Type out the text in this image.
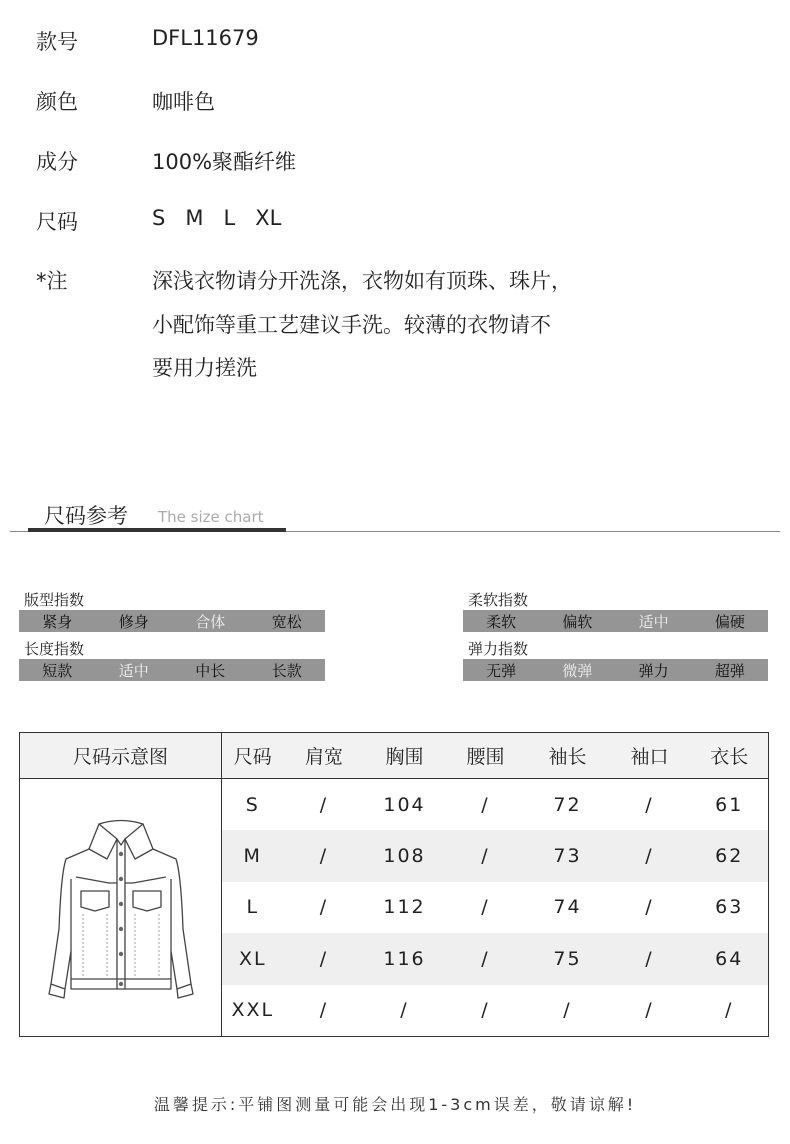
款号	DFL11679
颜色	咖啡色
成分	100%聚酯纤维
尺码	S   M   L   XL
*注	深浅衣物请分开洗涤，衣物如有顶珠、珠片，
小配饰等重工艺建议手洗。较薄的衣物请不
要用力搓洗
尺码参考 The size chart
版型指数
紧身	修身	合体	宽松
长度指数
短款	适中	中长	长款
柔软指数
柔软	偏软	适中	偏硬
弹力指数
无弹	微弹	弹力	超弹
尺码示意图	尺码	肩宽	胸围	腰围	袖长	袖口	衣长
	S	/	104	/	72	/	61
	M	/	108	/	73	/	62
	L	/	112	/	74	/	63
	XL	/	116	/	75	/	64
	XXL	/	/	/	/	/	/
温馨提示:平铺图测量可能会出现1-3cm误差，敬请谅解!
